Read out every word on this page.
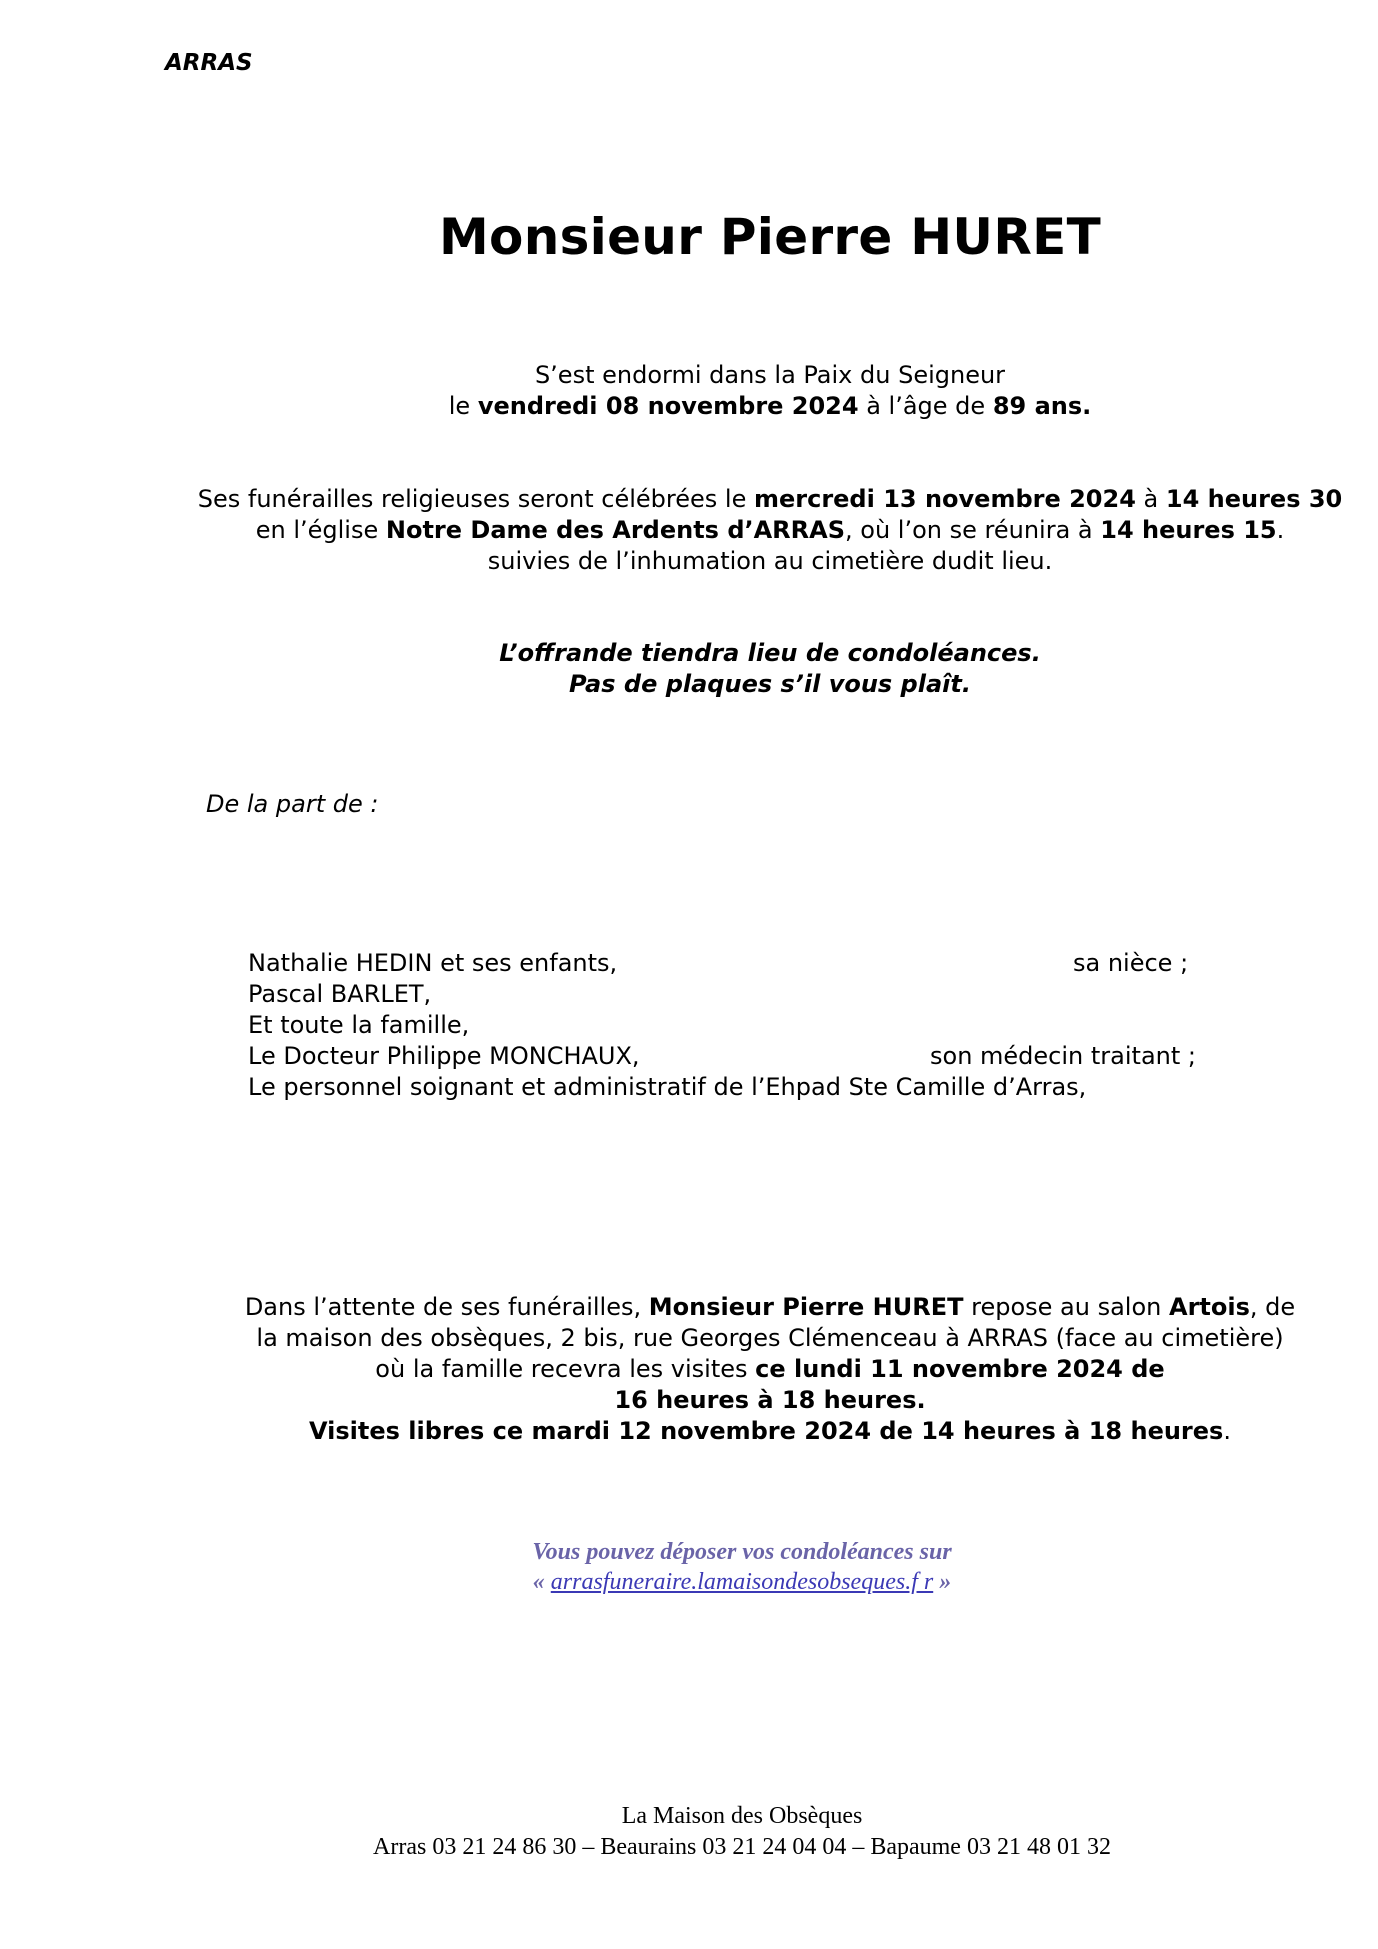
ARRAS
Monsieur Pierre HURET
S’est endormi dans la Paix du Seigneur
le vendredi 08 novembre 2024 à l’âge de 89 ans.
Ses funérailles religieuses seront célébrées le mercredi 13 novembre 2024 à 14 heures 30
en l’église Notre Dame des Ardents d’ARRAS, où l’on se réunira à 14 heures 15.
suivies de l’inhumation au cimetière dudit lieu.
L’offrande tiendra lieu de condoléances.
Pas de plaques s’il vous plaît.
De la part de :
Nathalie HEDIN et ses enfants,	sa nièce ;
Pascal BARLET,
Et toute la famille,
Le Docteur Philippe MONCHAUX,	son médecin traitant ;
Le personnel soignant et administratif de l’Ehpad Ste Camille d’Arras,
Dans l’attente de ses funérailles, Monsieur Pierre HURET repose au salon Artois, de la maison des obsèques, 2 bis, rue Georges Clémenceau à ARRAS (face au cimetière) où la famille recevra les visites ce lundi 11 novembre 2024 de
16 heures à 18 heures.
Visites libres ce mardi 12 novembre 2024 de 14 heures à 18 heures.
Vous pouvez déposer vos condoléances sur
« arrasfuneraire.lamaisondesobseques.f r »
La Maison des Obsèques
Arras 03 21 24 86 30 – Beaurains 03 21 24 04 04 – Bapaume 03 21 48 01 32
